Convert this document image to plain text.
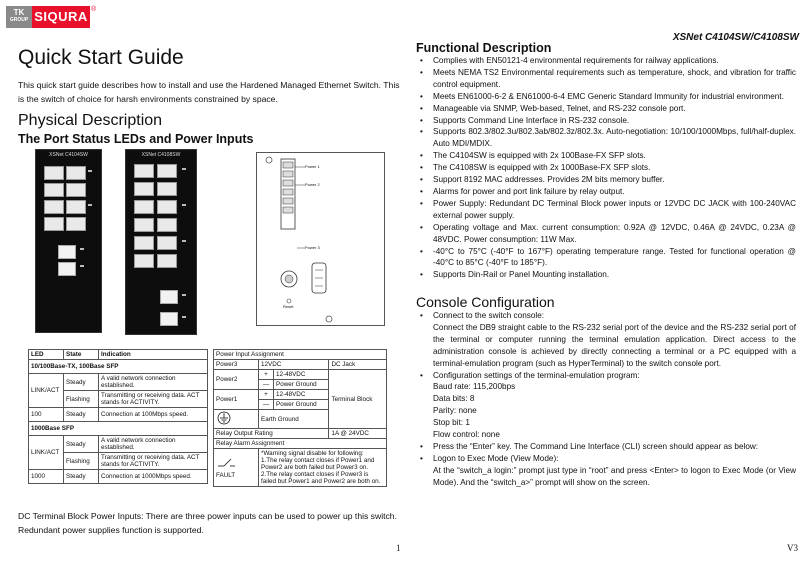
TK
GROUP SIQURA ®
XSNet C4104SW/C4108SW
Quick Start Guide
This quick start guide describes how to install and use the Hardened Managed Ethernet Switch. This is the switch of choice for harsh environments constrained by space.
Physical Description
The Port Status LEDs and Power Inputs
XSNet C4104SW	XSNet C4108SW
Power 1
Power 2
Power 3
Reset
LED	State	Indication
10/100Base-TX, 100Base SFP		
LINK/ACT	Steady	A valid network connection established.
	Flashing	Transmitting or receiving data. ACT stands for ACTIVITY.
100	Steady	Connection at 100Mbps speed.
1000Base SFP		
LINK/ACT	Steady	A valid network connection established.
	Flashing	Transmitting or receiving data. ACT stands for ACTIVITY.
1000	Steady	Connection at 1000Mbps speed.
Power Input Assignment			
Power3	12VDC		DC Jack
Power2	+	12-48VDC	Terminal Block
	—	Power Ground	
Power1	+	12-48VDC	
	—	Power Ground	
	Earth Ground		
Relay Output Rating			1A @ 24VDC
Relay Alarm Assignment			

FAULT	*Warning signal disable for following:
1.The relay contact closes if Power1 and Power2 are both failed but Power3 on.
2.The relay contact closes if Power3 is failed but Power1 and Power2 are both on.		
DC Terminal Block Power Inputs: There are three power inputs can be used to power up this switch. Redundant power supplies function is supported.
Functional Description
• Complies with EN50121-4 environmental requirements for railway applications.
• Meets NEMA TS2 Environmental requirements such as temperature, shock, and vibration for traffic control equipment.
• Meets EN61000-6-2 & EN61000-6-4 EMC Generic Standard Immunity for industrial environment.
• Manageable via SNMP, Web-based, Telnet, and RS-232 console port.
• Supports Command Line Interface in RS-232 console.
• Supports 802.3/802.3u/802.3ab/802.3z/802.3x. Auto-negotiation: 10/100/1000Mbps, full/half-duplex. Auto MDI/MDIX.
• The C4104SW is equipped with 2x 100Base-FX SFP slots.
• The C4108SW is equipped with 2x 1000Base-FX SFP slots.
• Support 8192 MAC addresses. Provides 2M bits memory buffer.
• Alarms for power and port link failure by relay output.
• Power Supply: Redundant DC Terminal Block power inputs or 12VDC DC JACK with 100-240VAC external power supply.
• Operating voltage and Max. current consumption: 0.92A @ 12VDC, 0.46A @ 24VDC, 0.23A @ 48VDC. Power consumption: 11W Max.
• -40°C to 75°C (-40°F to 167°F) operating temperature range. Tested for functional operation @ -40°C to 85°C (-40°F to 185°F).
• Supports Din-Rail or Panel Mounting installation.
Console Configuration
• Connect to the switch console:
Connect the DB9 straight cable to the RS-232 serial port of the device and the RS-232 serial port of the terminal or computer running the terminal emulation application. Direct access to the administration console is achieved by directly connecting a terminal or a PC equipped with a terminal-emulation program (such as HyperTerminal) to the switch console port.
• Configuration settings of the terminal-emulation program:
Baud rate: 115,200bps
Data bits: 8
Parity: none
Stop bit: 1
Flow control: none
• Press the “Enter” key. The Command Line Interface (CLI) screen should appear as below:
• Logon to Exec Mode (View Mode):
At the “switch_a login:” prompt just type in “root” and press <Enter> to logon to Exec Mode (or View Mode). And the “switch_a>” prompt will show on the screen.
1	V3
